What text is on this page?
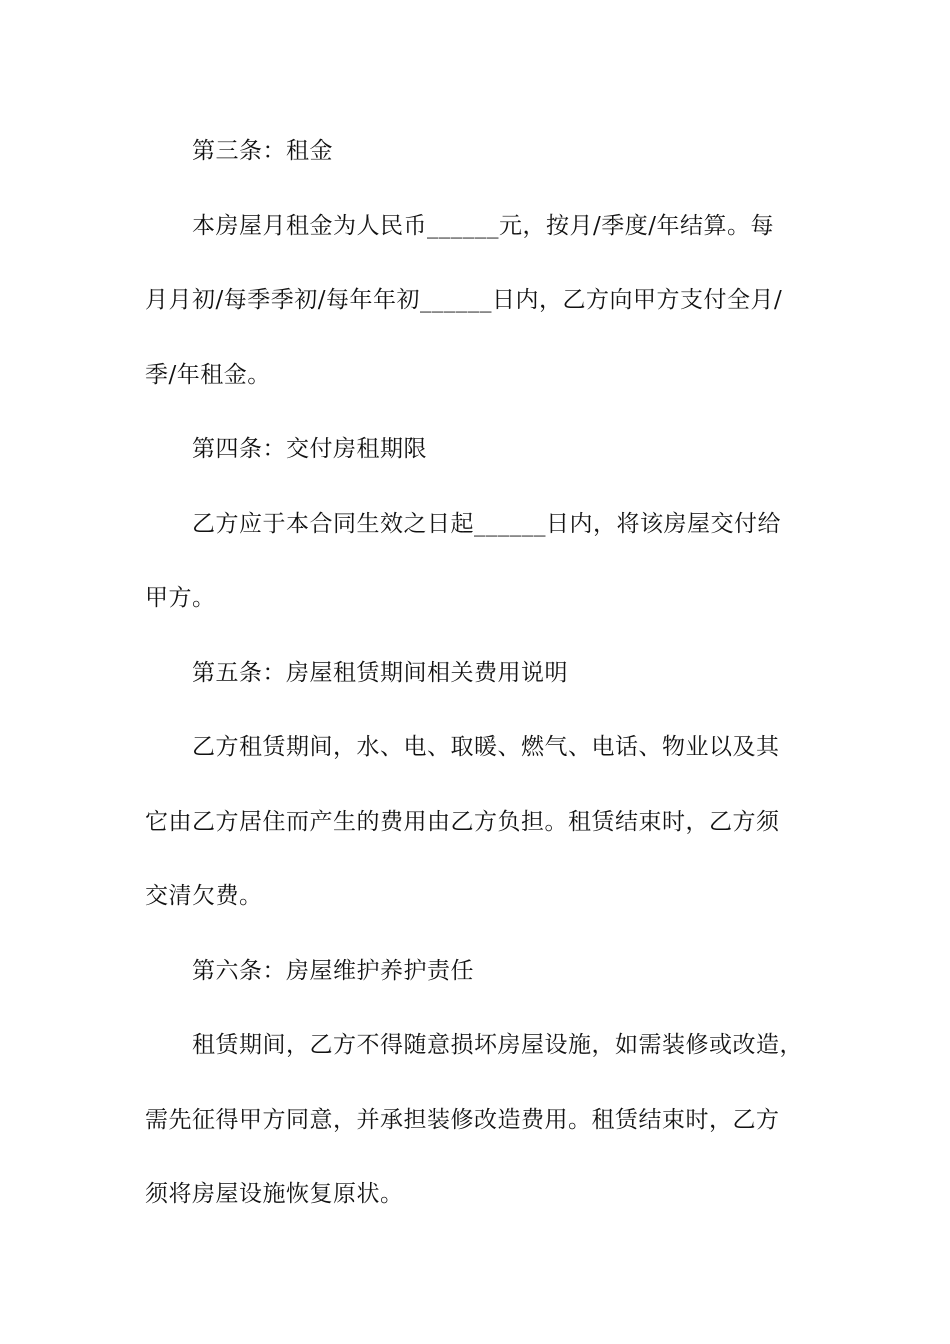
第三条：租金
本房屋月租金为人民币______元，按月/季度/年结算。每
月月初/每季季初/每年年初______日内，乙方向甲方支付全月/
季/年租金。
第四条：交付房租期限
乙方应于本合同生效之日起______日内，将该房屋交付给
甲方。
第五条：房屋租赁期间相关费用说明
乙方租赁期间，水、电、取暖、燃气、电话、物业以及其
它由乙方居住而产生的费用由乙方负担。租赁结束时，乙方须
交清欠费。
第六条：房屋维护养护责任
租赁期间，乙方不得随意损坏房屋设施，如需装修或改造，
需先征得甲方同意，并承担装修改造费用。租赁结束时，乙方
须将房屋设施恢复原状。
